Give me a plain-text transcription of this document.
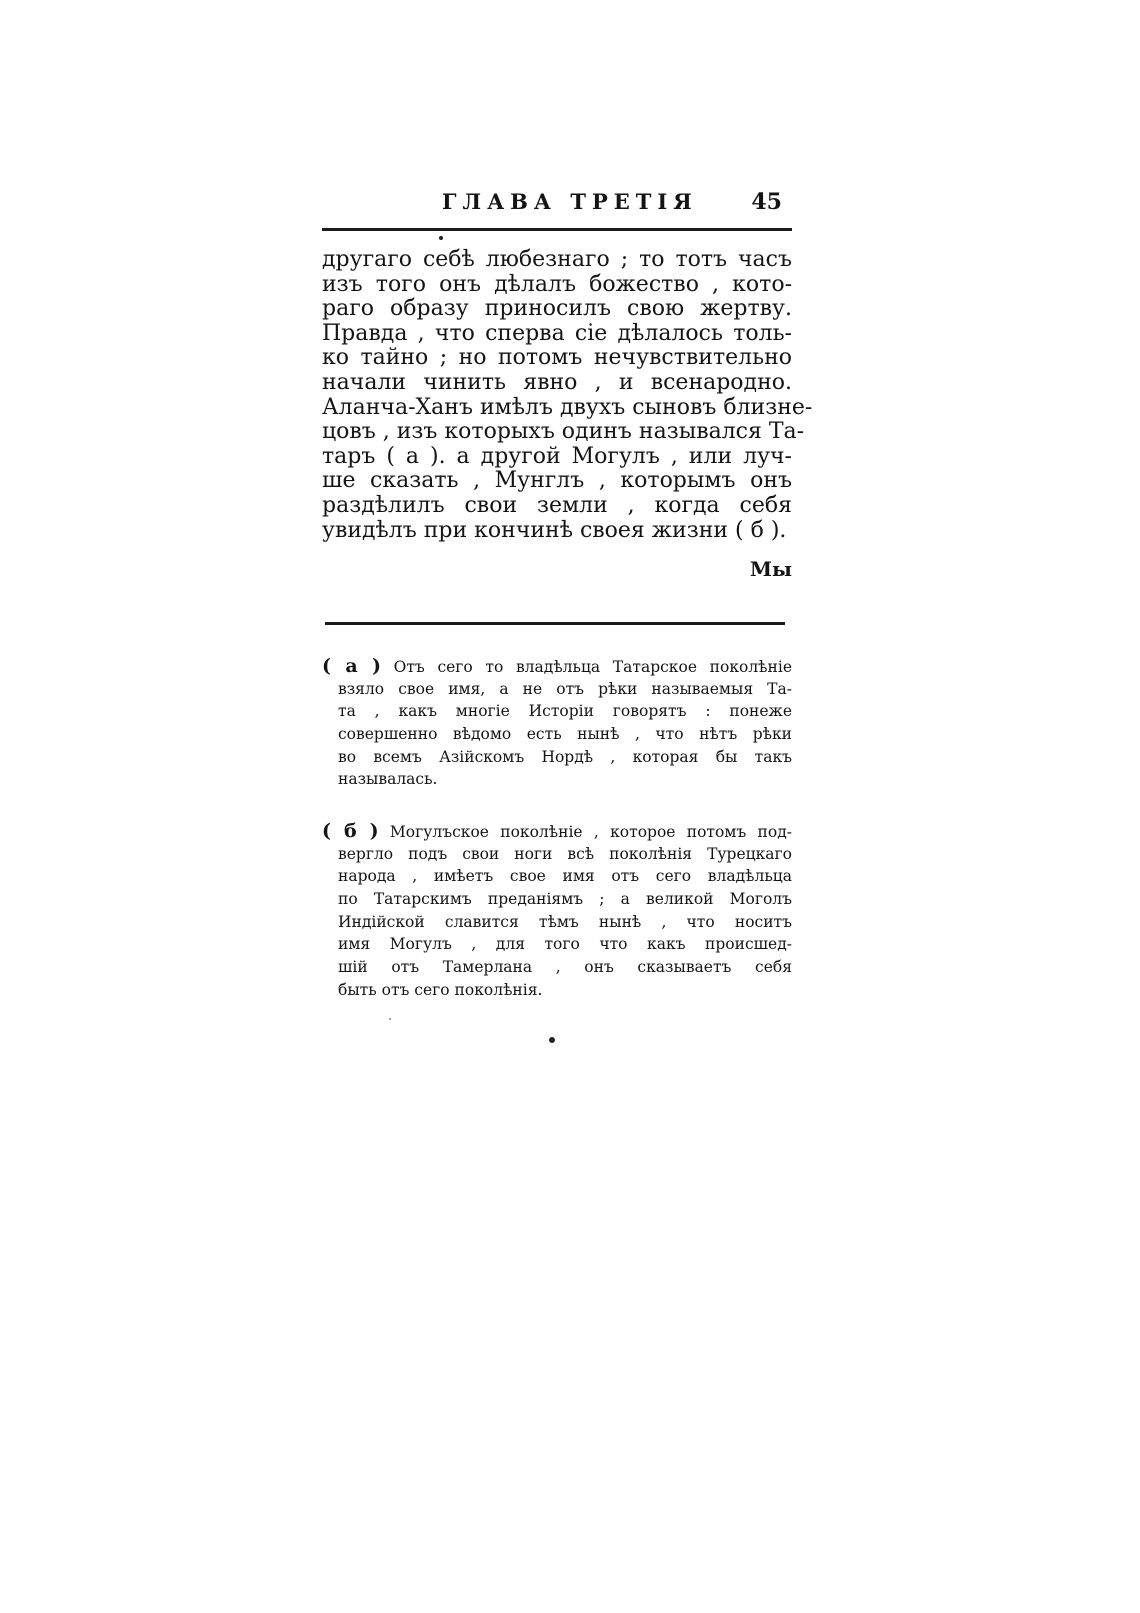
ГЛАВА ТРЕТІЯ 45
другаго себѣ любезнаго ; то тотъ часъ
изъ того онъ дѣлалъ божество , кото-
раго образу приносилъ свою жертву.
Правда , что сперва сіе дѣлалось толь-
ко тайно ; но потомъ нечувствительно
начали чинить явно , и всенародно.
Аланча-Ханъ имѣлъ двухъ сыновъ близне-
цовъ , изъ которыхъ одинъ назывался Та-
таръ ( а ). а другой Могулъ , или луч-
ше сказать , Мунглъ , которымъ онъ
раздѣлилъ свои земли , когда себя
увидѣлъ при кончинѣ своея жизни ( б ).
Мы
( а ) Отъ сего то владѣльца Татарское поколѣніе
взяло свое имя, а не отъ рѣки называемыя Та-
та , какъ многіе Исторіи говорятъ : понеже
совершенно вѣдомо есть нынѣ , что нѣтъ рѣки
во всемъ Азійскомъ Нордѣ , которая бы такъ
называлась.
( б ) Могулъское поколѣніе , которое потомъ под-
вергло подъ свои ноги всѣ поколѣнія Турецкаго
народа , имѣетъ свое имя отъ сего владѣльца
по Татарскимъ преданіямъ ; а великой Моголъ
Индійской славится тѣмъ нынѣ , что носитъ
имя Могулъ , для того что какъ происшед-
шій отъ Тамерлана , онъ сказываетъ себя
быть отъ сего поколѣнія.
